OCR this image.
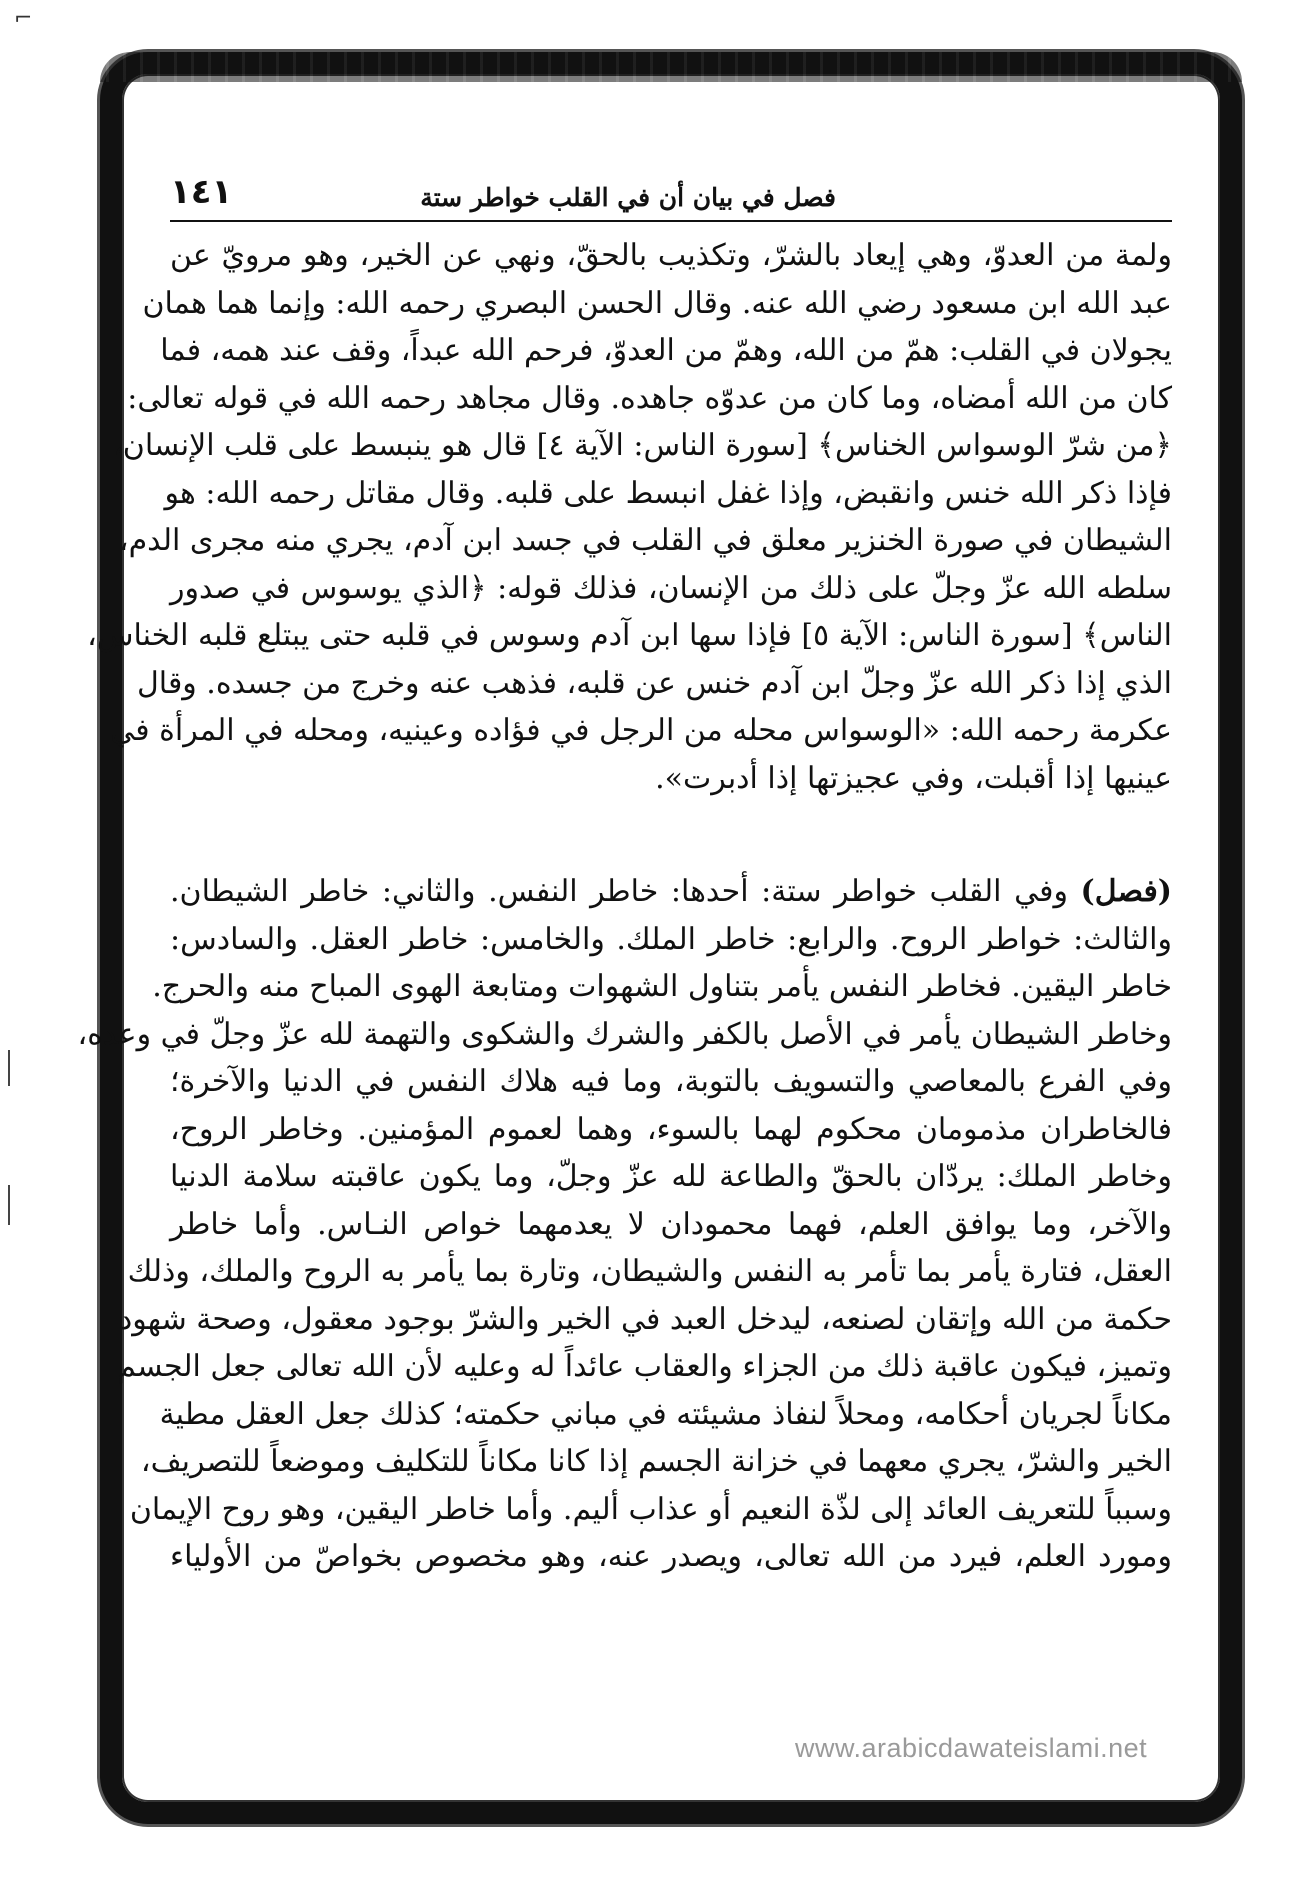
⌐
فصل في بيان أن في القلب خواطر ستة
١٤١
ولمة من العدوّ، وهي إيعاد بالشرّ، وتكذيب بالحقّ، ونهي عن الخير، وهو مرويّ عن
عبد الله ابن مسعود رضي الله عنه. وقال الحسن البصري رحمه الله: وإنما هما همان
يجولان في القلب: همّ من الله، وهمّ من العدوّ، فرحم الله عبداً، وقف عند همه، فما
كان من الله أمضاه، وما كان من عدوّه جاهده. وقال مجاهد رحمه الله في قوله تعالى:
﴿من شرّ الوسواس الخناس﴾ [سورة الناس: الآية ٤] قال هو ينبسط على قلب الإنسان،
فإذا ذكر الله خنس وانقبض، وإذا غفل انبسط على قلبه. وقال مقاتل رحمه الله: هو
الشيطان في صورة الخنزير معلق في القلب في جسد ابن آدم، يجري منه مجرى الدم،
سلطه الله عزّ وجلّ على ذلك من الإنسان، فذلك قوله: ﴿الذي يوسوس في صدور
الناس﴾ [سورة الناس: الآية ٥] فإذا سها ابن آدم وسوس في قلبه حتى يبتلع قلبه الخناس،
الذي إذا ذكر الله عزّ وجلّ ابن آدم خنس عن قلبه، فذهب عنه وخرج من جسده. وقال
عكرمة رحمه الله: «الوسواس محله من الرجل في فؤاده وعينيه، ومحله في المرأة في
عينيها إذا أقبلت، وفي عجيزتها إذا أدبرت».
(فصل) وفي القلب خواطر ستة: أحدها: خاطر النفس. والثاني: خاطر الشيطان.
والثالث: خواطر الروح. والرابع: خاطر الملك. والخامس: خاطر العقل. والسادس:
خاطر اليقين. فخاطر النفس يأمر بتناول الشهوات ومتابعة الهوى المباح منه والحرج.
وخاطر الشيطان يأمر في الأصل بالكفر والشرك والشكوى والتهمة لله عزّ وجلّ في وعده،
وفي الفرع بالمعاصي والتسويف بالتوبة، وما فيه هلاك النفس في الدنيا والآخرة؛
فالخاطران مذمومان محكوم لهما بالسوء، وهما لعموم المؤمنين. وخاطر الروح،
وخاطر الملك: يردّان بالحقّ والطاعة لله عزّ وجلّ، وما يكون عاقبته سلامة الدنيا
والآخر، وما يوافق العلم، فهما محمودان لا يعدمهما خواص النـاس. وأما خاطر
العقل، فتارة يأمر بما تأمر به النفس والشيطان، وتارة بما يأمر به الروح والملك، وذلك
حكمة من الله وإتقان لصنعه، ليدخل العبد في الخير والشرّ بوجود معقول، وصحة شهود
وتميز، فيكون عاقبة ذلك من الجزاء والعقاب عائداً له وعليه لأن الله تعالى جعل الجسم
مكاناً لجريان أحكامه، ومحلاً لنفاذ مشيئته في مباني حكمته؛ كذلك جعل العقل مطية
الخير والشرّ، يجري معهما في خزانة الجسم إذا كانا مكاناً للتكليف وموضعاً للتصريف،
وسبباً للتعريف العائد إلى لذّة النعيم أو عذاب أليم. وأما خاطر اليقين، وهو روح الإيمان
ومورد العلم، فيرد من الله تعالى، ويصدر عنه، وهو مخصوص بخواصّ من الأولياء
www.arabicdawateislami.net
